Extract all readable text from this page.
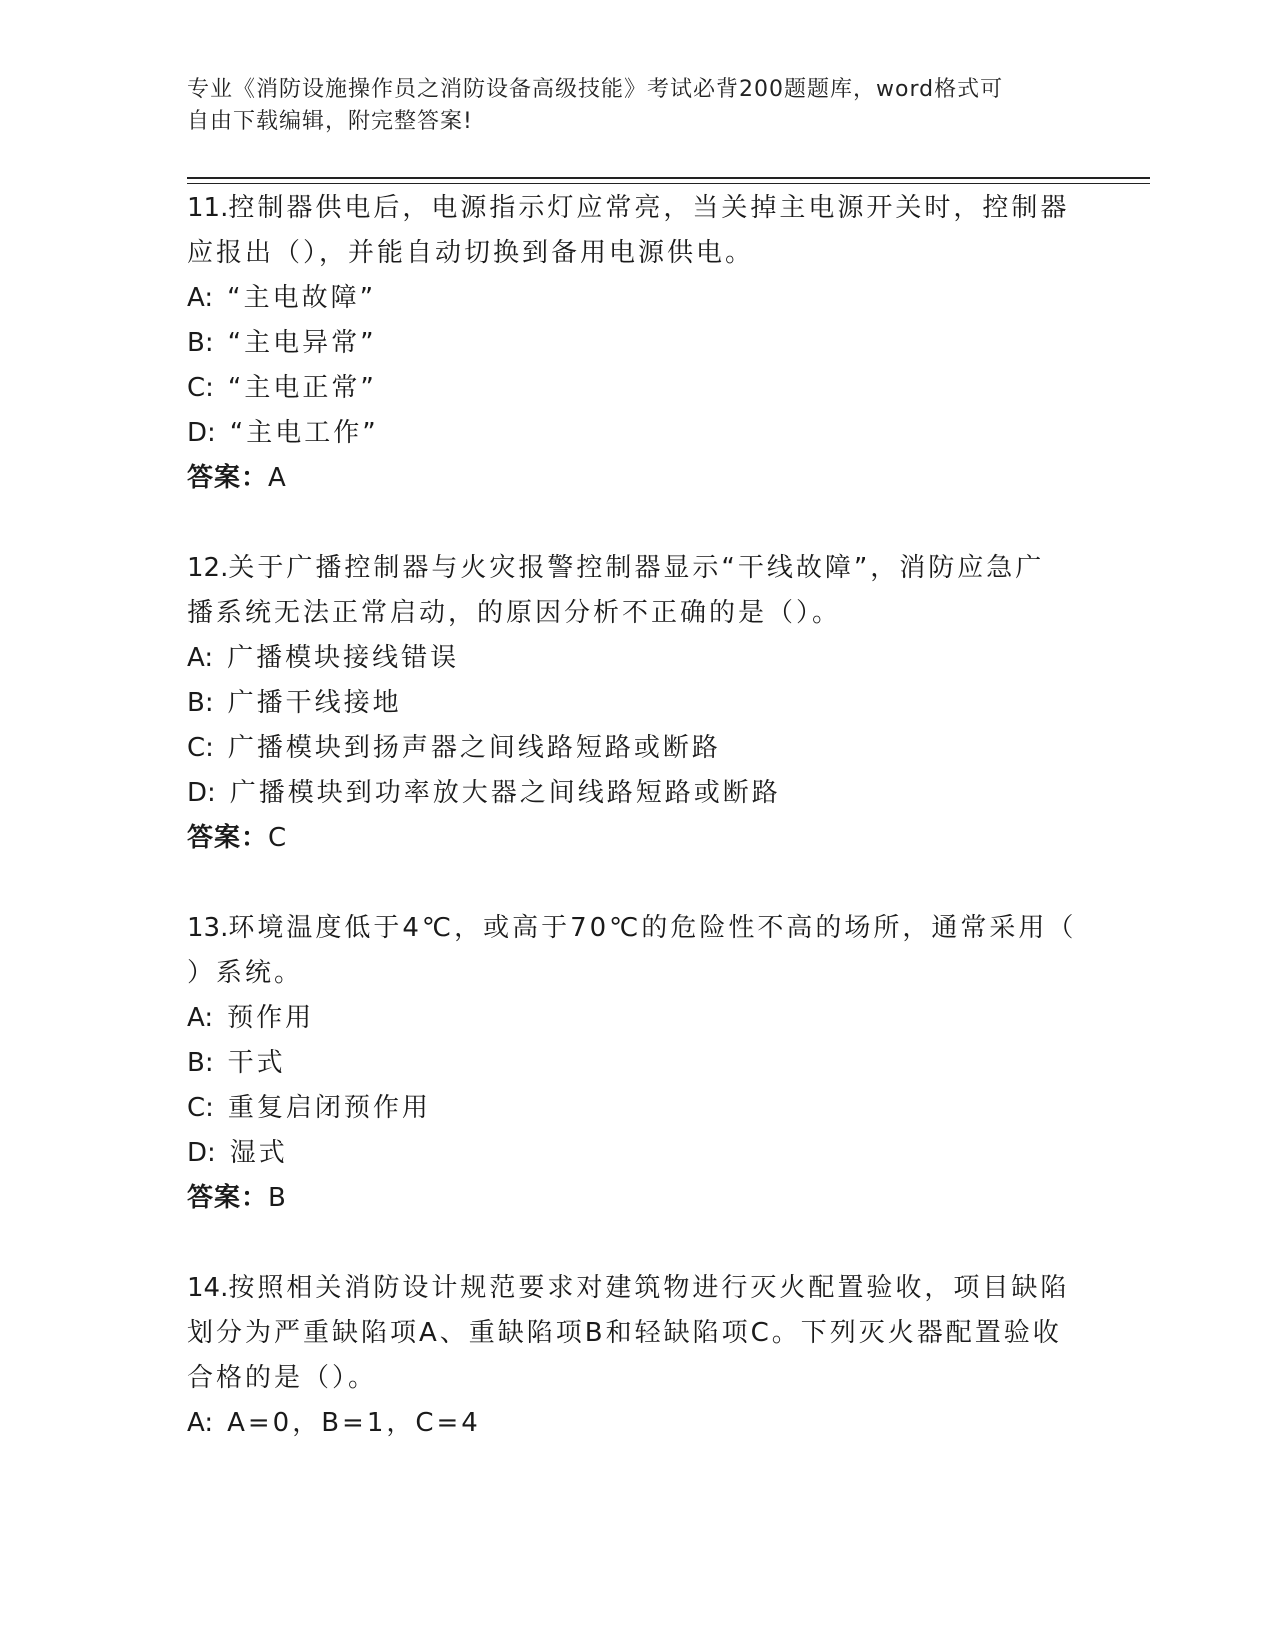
专业《消防设施操作员之消防设备高级技能》考试必背200题题库，word格式可
自由下载编辑，附完整答案!

11.控制器供电后，电源指示灯应常亮，当关掉主电源开关时，控制器

应报出（），并能自动切换到备用电源供电。

A: “主电故障”

B: “主电异常”

C: “主电正常”

D: “主电工作”

答案：A

12.关于广播控制器与火灾报警控制器显示“干线故障”，消防应急广

播系统无法正常启动，的原因分析不正确的是（）。

A: 广播模块接线错误

B: 广播干线接地

C: 广播模块到扬声器之间线路短路或断路

D: 广播模块到功率放大器之间线路短路或断路

答案：C

13.环境温度低于4℃，或高于70℃的危险性不高的场所，通常采用（

）系统。

A: 预作用

B: 干式

C: 重复启闭预作用

D: 湿式

答案：B

14.按照相关消防设计规范要求对建筑物进行灭火配置验收，项目缺陷

划分为严重缺陷项A、重缺陷项B和轻缺陷项C。下列灭火器配置验收

合格的是（）。

A: A=0，B=1，C=4
